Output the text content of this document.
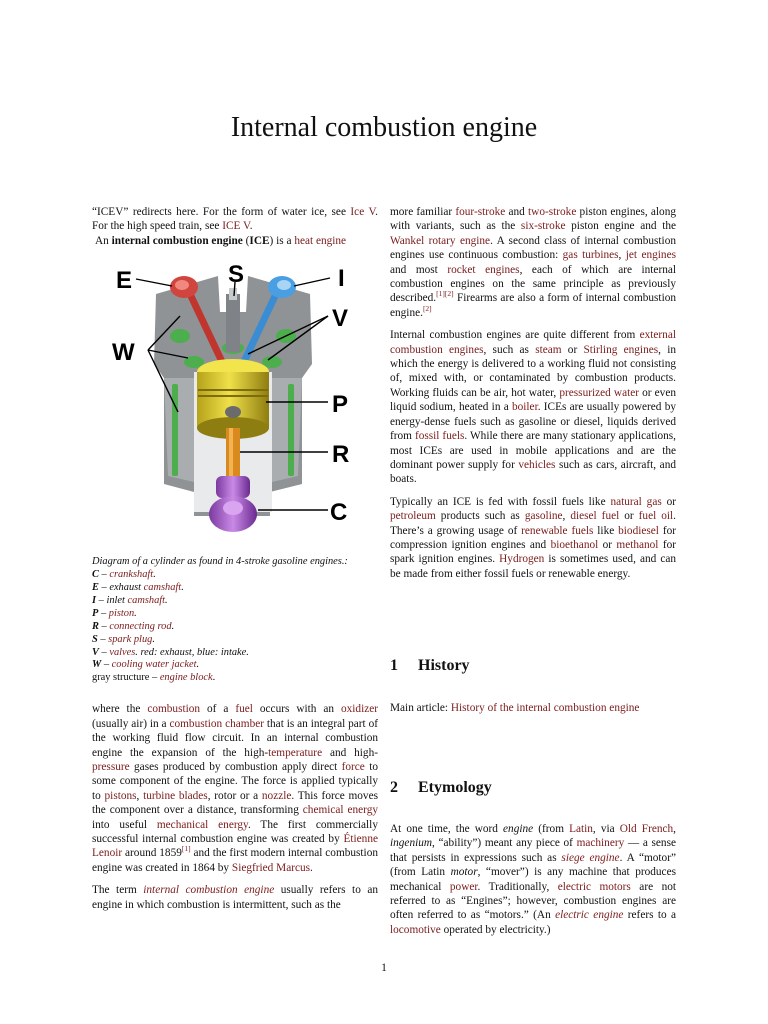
Internal combustion engine

“ICEV” redirects here. For the form of water ice, see Ice V. For the high speed train, see ICE V.

An internal combustion engine (ICE) is a heat engine
E	S	I
V
W
P
R
C
Diagram of a cylinder as found in 4-stroke gasoline engines.:
C – crankshaft.
E – exhaust camshaft.
I – inlet camshaft.
P – piston.
R – connecting rod.
S – spark plug.
V – valves. red: exhaust, blue: intake.
W – cooling water jacket.
gray structure – engine block.

where the combustion of a fuel occurs with an oxidizer (usually air) in a combustion chamber that is an integral part of the working fluid flow circuit. In an internal combustion engine the expansion of the high-temperature and high-pressure gases produced by combustion apply direct force to some component of the engine. The force is applied typically to pistons, turbine blades, rotor or a nozzle. This force moves the component over a distance, transforming chemical energy into useful mechanical energy. The first commercially successful internal combustion engine was created by Étienne Lenoir around 1859[1] and the first modern internal combustion engine was created in 1864 by Siegfried Marcus.

The term internal combustion engine usually refers to an engine in which combustion is intermittent, such as the

more familiar four-stroke and two-stroke piston engines, along with variants, such as the six-stroke piston engine and the Wankel rotary engine. A second class of internal combustion engines use continuous combustion: gas turbines, jet engines and most rocket engines, each of which are internal combustion engines on the same principle as previously described.[1][2] Firearms are also a form of internal combustion engine.[2]

Internal combustion engines are quite different from external combustion engines, such as steam or Stirling engines, in which the energy is delivered to a working fluid not consisting of, mixed with, or contaminated by combustion products. Working fluids can be air, hot water, pressurized water or even liquid sodium, heated in a boiler. ICEs are usually powered by energy-dense fuels such as gasoline or diesel, liquids derived from fossil fuels. While there are many stationary applications, most ICEs are used in mobile applications and are the dominant power supply for vehicles such as cars, aircraft, and boats.

Typically an ICE is fed with fossil fuels like natural gas or petroleum products such as gasoline, diesel fuel or fuel oil. There’s a growing usage of renewable fuels like biodiesel for compression ignition engines and bioethanol or methanol for spark ignition engines. Hydrogen is sometimes used, and can be made from either fossil fuels or renewable energy.

1 History
Main article: History of the internal combustion engine
2 Etymology

At one time, the word engine (from Latin, via Old French, ingenium, “ability”) meant any piece of machinery — a sense that persists in expressions such as siege engine. A “motor” (from Latin motor, “mover”) is any machine that produces mechanical power. Traditionally, electric motors are not referred to as “Engines”; however, combustion engines are often referred to as “motors.” (An electric engine refers to a locomotive operated by electricity.)

1
